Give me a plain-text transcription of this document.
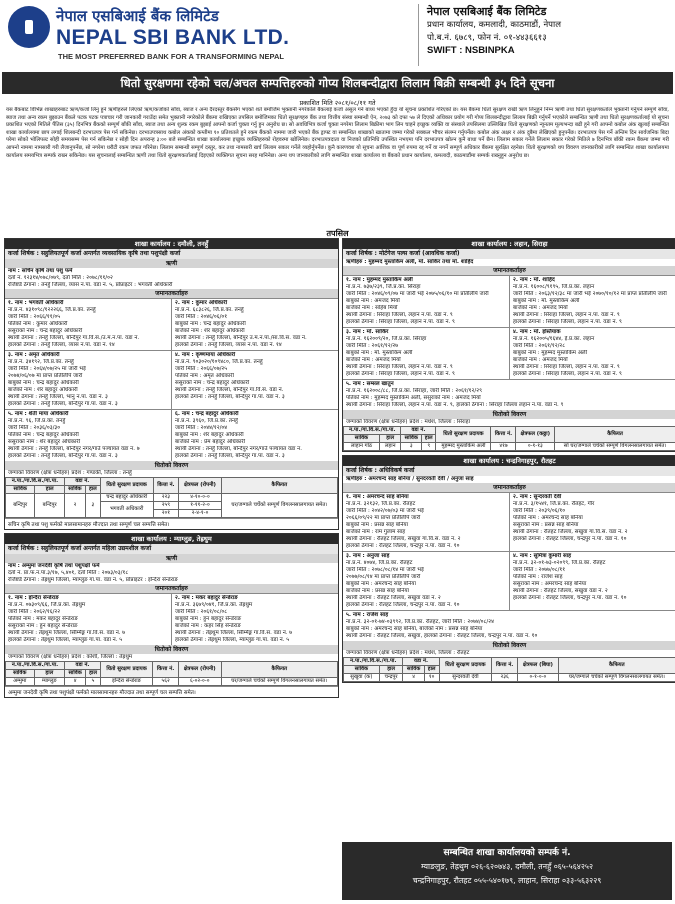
नेपाल एसबिआई बैंक लिमिटेड
NEPAL SBI BANK LTD.
THE MOST PREFERRED BANK FOR A TRANSFORMING NEPAL
नेपाल एसबिआई बैंक लिमिटेड
प्रधान कार्यालय, कमलादी, काठमाडौं, नेपाल
पो.ब.नं. ६७८९, फोन नं. ०१-४४३६६१३
SWIFT : NSBINPKA
धितो सुरक्षणमा रहेको चल/अचल सम्पत्तिहरुको गोप्य शिलबन्दीद्वारा लिलाम बिक्री सम्बन्धी ३५ दिने सूचना
प्रकाशित मिति २०८१/०८/११ गते
यस बैंकबाट विभिन्न शाखाहरुबाट ऋण/कर्जा लिनु हुने ऋणीहरुले लिएको ऋण/कर्जाको साँवा, ब्याज र अन्य दैरदस्तुर बैंकसँग भएको शर्त बमोजिम भुक्तानी नगरेकोले बैंकलाई कर्जा असुल गर्न बाध्य भएको हुँदा यो सूचना प्रकाशित गरिएको छ। यस बैंकमा धितो सुरक्षण राखी ऋण लिनुहुने निम्न ऋणी तथा धितो सुरक्षणकर्ताले भुक्तानी गर्नुपर्ने सम्पूर्ण साँवा, ब्याज तथा अन्य रकम बुझाउन बैंकले पटक पटक पत्राचार गरी जानकारी गराउँदा समेत भुक्तानी नगरेकोले बैंकमा राखिएका तपसिल बमोजिमका धितो सुरक्षणहरु बैंक तथा वित्तीय संस्था सम्बन्धी ऐन, २०७३ को दफा ५७ ले दिएको अधिकार प्रयोग गरी गोप्य शिलबन्दीद्वारा लिलाम बिक्री गर्नुपर्ने भएकोले सम्बन्धित ऋणी तथा धितो सुरक्षणकर्तालाई यो सूचना प्रकाशित भएको मितिले पैंतिस (३५) दिनभित्र बैंकको सम्पूर्ण बाँकी साँवा, ब्याज तथा अन्य शुल्क रकम बुझाई आफ्नो कर्जा चुक्ता गर्नु हुन अनुरोध छ। सो अवधिभित्र कर्जा चुक्ता नगरेमा लिलाम बिक्रीमा भाग लिन चाहने इच्छुक व्यक्ति वा संस्थाले तपसिलमा उल्लिखित धितो सुरक्षणको न्यूनतम मूल्यभन्दा बढी हुने गरी आफ्नो कबोल अंक खुलाई सम्बन्धित शाखा कार्यालयमा छाप लगाई शिलबन्दी दरभाउपत्र पेस गर्न सकिनेछ। दरभाउपत्रसाथ कबोल अंकको कम्तीमा १० प्रतिशतले हुने रकम बैंकको नाममा जारी भएको बैंक ड्राफ्ट वा सम्बन्धित शाखाको खातामा जम्मा गरेको सक्कल भौचर संलग्न गर्नुपर्नेछ। कबोल अंक अक्षर र अंक दुबैमा लेखिएको हुनुपर्नेछ। दरभाउपत्र पेस गर्ने अन्तिम दिन सार्वजनिक बिदा परेमा सोको भोलिपल्ट सोही समयसम्म पेस गर्न सकिनेछ र सोही दिन अपरान्ह ३:०० बजे सम्बन्धित शाखा कार्यालयमा इच्छुक व्यक्तिहरुको रोहवरमा खोलिनेछ। दरभाउपत्रदाता वा निजको प्रतिनिधि उपस्थित नभएमा पनि दरभाउपत्र खोल्न कुनै बाधा पर्ने छैन। लिलाम सकार गर्नेले लिलाम सकार गरेको मितिले ७ दिनभित्र बाँकी रकम बैंकमा जम्मा गरी आफ्नो नाममा नामसारी गरी लैजानुपर्नेछ, सो नगरेमा धरौटी रकम जफत गरिनेछ। लिलाम सम्बन्धी सम्पूर्ण दस्तुर, कर तथा नामसारी खर्च लिलाम सकार गर्नेले व्यहोर्नुपर्नेछ। कुनै कारणवश यो सूचना आंशिक वा पूर्ण रुपमा रद्द गर्ने वा नगर्ने सम्पूर्ण अधिकार बैंकमा सुरक्षित रहनेछ। धितो सुरक्षणको थप विवरण जानकारीको लागि सम्बन्धित शाखा कार्यालयमा कार्यालय समयभित्र सम्पर्क राख्न सकिनेछ। यस सूचनालाई सम्बन्धित ऋणी तथा धितो सुरक्षणकर्तालाई दिइएको व्यक्तिगत सूचना सरह मानिनेछ। अन्य थप जानकारीको लागि सम्बन्धित शाखा कार्यालय वा बैंकको प्रधान कार्यालय, कमलादी, काठमाडौंमा सम्पर्क राख्नुहुन अनुरोध छ।
तपसिल
शाखा कार्यालय : दमौली, तनहुँ
कर्जा शिर्षक : सहुलियतपूर्ण कर्जा अन्तर्गत व्यवसायिक कृषि तथा पशुपंक्षी कर्जा
ऋणी
नाम : सचिन कृषि तथा पशु फर्म
दर्ता नं. १२३१४/०७८/०७९, दर्ता मिति : २०७८/११/०२
रजिष्टर्ड ठेगाना : तनहुँ जिल्ला, व्यास न.पा. वडा नं. ५, प्रोप्राइटर : भगवती अधिकारी
जमानतकर्ताहरु
१. नाम : भगवती अधिकारी
ना.प्र.नं. ४३१०९८/१२२२६६, जि.प्र.का. तनहुँ
जारी मिति : २०६६/११/०५
पतिको नाम : कुमार अधिकारी
ससुराको नाम : चन्द्र बहादुर अधिकारी
स्थायी ठेगाना : तनहुँ जिल्ला, बन्दिपुर गा.वि.स./उ.म.न.पा. वडा नं.
हालको ठेगाना : तनहुँ जिल्ला, व्यास न.पा. वडा नं. १४
२. नाम : कुमार अधिकारी
ना.प्र.नं. ६८३८२६, जि.प्र.का. तनहुँ
जारी मिति : २०४६/०६/०१
बाबुको नाम : चन्द्र बहादुर अधिकारी
बाजेको नाम : शेर बहादुर अधिकारी
स्थायी ठेगाना : तनहुँ जिल्ला, बन्दिपुर उ.म.न.पा./सा.वि.स. वडा नं.
हालको ठेगाना : तनहुँ जिल्ला, व्यास न.पा. वडा नं. १४
३. नाम : अमृत अधिकारी
ना.प्र.नं. ३४१९२, जि.प्र.का. तनहुँ
जारी मिति : २०६४/०७/२५ मा जारी भई
२०७४/०६/०७ मा प्राप्त प्रतिलिपि जारी
बाबुको नाम : चन्द्र बहादुर अधिकारी
बाजेको नाम : शेर बहादुर अधिकारी
स्थायी ठेगाना : तनहुँ जिल्ला, भानु न.पा. वडा नं. ३
हालको ठेगाना : तनहुँ जिल्ला, बन्दिपुर गा.पा. वडा नं. ३
४. नाम : कृष्णमाया अधिकारी
ना.प्र.नं. ९०३०२०/१०९४८०, जि.प्र.का. तनहुँ
जारी मिति : २०६६/०७/२५
पतिको नाम : अमृत अधिकारी
ससुराको नाम : चन्द्र बहादुर अधिकारी
स्थायी ठेगाना : तनहुँ जिल्ला, बन्दिपुर गा.वि.स. वडा नं.
हालको ठेगाना : तनहुँ जिल्ला, बन्दिपुर गा.पा. वडा नं. ३
५. नाम : शेती माया अधिकारी
ना.प्र.नं. ९६, जि.प्र.का. तनहुँ
जारी मिति : २०३६/०३/३०
पतिको नाम : चन्द्र बहादुर अधिकारी
ससुराको नाम : शेर बहादुर अधिकारी
स्थायी ठेगाना : तनहुँ जिल्ला, बन्दिपुर नगर/गाउँ पञ्चायत वडा नं. ७
हालको ठेगाना : तनहुँ जिल्ला, बन्दिपुर गा.पा. वडा नं. ३
६. नाम : चन्द्र बहादुर अधिकारी
ना.प्र.नं. ३९६०, जि.प्र.का. तनहुँ
जारी मिति : २०४४/१२/०४
बाबुको नाम : शेर बहादुर अधिकारी
बाजेको नाम : प्रेम बहादुर अधिकारी
स्थायी ठेगाना : तनहुँ जिल्ला, बन्दिपुर नगर/गाउँ पञ्चायत वडा नं.
हालको ठेगाना : तनहुँ जिल्ला, बन्दिपुर गा.पा. वडा नं. ३
धितोको विवरण
जग्गाको विवरण (क्षेत्रा धनीहरु) प्रदेश : गण्डकी, जिल्ला : तनहुँ
न.पा./गा.वि.स./गा.पा.		वडा नं.		धितो सुरक्षण प्रदायक	कित्ता नं.	क्षेत्रफल (रोपनी)	कैफियत
साविक	हाल	साविक	हाल				
बन्दिपुर	बन्दिपुर	२	३	चन्द्र बहादुर अधिकारी	२२३	४-१०-०-०	घर/जग्गाले चर्चेको सम्पूर्ण विगलनसालगायत समेत।
				भगवती अधिकारी	२५९	१-११-२-०	
					२०१	२-४-१-०	
सचिन कृषि तथा पशु फर्मको मालसामानहरु मौज्दात तथा सम्पूर्ण चल सम्पत्ति समेत।
शाखा कार्यालय : म्याग्लुङ, तेह्रथुम
कर्जा शिर्षक : सहुलियतपूर्ण कर्जा अन्तर्गत महिला उद्यमशील कर्जा
ऋणी
नाम : अम्मुमा जनदेवी कृषि तथा पशुपंक्षी फर्म
दर्ता नं. प्रा.फ.न.पा.३/१७, ५,४०१, दर्ता मिति : २०७३/०३/१८
रजिष्टर्ड ठेगाना : तेह्रथुम जिल्ला, म्याग्लुङ गा.पा. वडा नं. ५, प्रोप्राइटर : इन्दिरा सेन्डेराङ
जमानतकर्ताहरु
१. नाम : इन्दिरा सेन्डेराङ
ना.प्र.नं. ०७३०९/६६, जि.प्र.का. तेह्रथुम
जारी मिति : २०६२/१६/२२
पतिको नाम : मकर बहादुर सेन्डेराङ
ससुराको नाम : हुन बहादुर सेन्डेराङ
स्थायी ठेगाना : तेह्रथुम जिल्ला, सिम्मिङ्ग गा.वि.स. वडा नं. ७
हालको ठेगाना : तेह्रथुम जिल्ला, म्याग्लुङ गा.पा. वडा नं. ५
२. नाम : मकर बहादुर सेन्डेराङ
ना.प्र.नं. ३६७९/०४१, जि.प्र.का. तेह्रथुम
जारी मिति : २०६१/०८/०८
बाबुको नाम : हुन बहादुर सेन्डेराङ
बाजेको नाम : कहर सिंह सेन्डेराङ
स्थायी ठेगाना : तेह्रथुम जिल्ला, सिम्मिङ्ग गा.वि.स. वडा नं. ७
हालको ठेगाना : तेह्रथुम जिल्ला, म्याग्लुङ गा.पा. वडा नं. ५
धितोको विवरण
जग्गाको विवरण (क्षेत्रा धनीहरु) प्रदेश : कोशी, जिल्ला : तेह्रथुम
न.पा./गा.वि.स./गा.पा.		वडा नं.		धितो सुरक्षण प्रदायक	कित्ता नं.	क्षेत्रफल (रोपनी)	कैफियत
साविक	हाल	साविक	हाल				
अम्मुमा	म्याग्लुङ	४	५	इन्दिरा सेन्डेराङ	५६२	६-०२-०-०	घर/जग्गाले चर्चेको सम्पूर्ण विगलनसालगायत समेत।
अम्मुमा जनदेवी कृषि तथा पशुपंक्षी फर्मको मालसामानहरु मौज्दात तथा सम्पूर्ण चल सम्पत्ति समेत।
शाखा कार्यालय : लहान, सिराहा
कर्जा शिर्षक : मोर्टगेज पल्स कर्जा (आवधिक कर्जा)
ऋणीहरु : मुहम्मद मुस्ताकिम अली, मो. साकिर तथा मो. शाहिद
जमानतकर्ताहरु
१. नाम : मुहम्मद मुस्ताकिम अली
ना.प्र.नं. ७३७/२३९, जि.प्र.का. सिराहा
जारी मिति : २०४६/०९/०७ मा जारी भई २०७५/०६/१० मा प्रतिलिपि जारी
बाबुको नाम : अमजद मियाँ
बाजेको नाम : सोहेब मियाँ
स्थायी ठेगाना : सिराहा जिल्ला, लहान न.पा. वडा नं. ९
हालको ठेगाना : सिराहा जिल्ला, लहान न.पा. वडा नं. ९
२. नाम : मो. शाहिद
ना.प्र.नं. १६००८/९१९५, जि.प्र.का. लहान
जारी मिति : २०६३/१२/३८ मा जारी भई २०७०/१०/१२ मा प्राप्त प्रतिलिपि जारी
बाबुको नाम : मो. मुस्ताकिम अली
बाजेको नाम : अमजद मियाँ
स्थायी ठेगाना : सिराहा जिल्ला, लहान न.पा. वडा नं. ९
हालको ठेगाना : सिराहा जिल्ला, लहान न.पा. वडा नं. ९
३. नाम : मो. साकिर
ना.प्र.नं. १६२००९/२०, जि.प्र.का. सिराहा
जारी मिति : २०६१/१२/२७
बाबुको नाम : मो. मुस्ताकिम अली
बाजेको नाम : अमजद मियाँ
स्थायी ठेगाना : सिराहा जिल्ला, लहान न.पा. वडा नं. ९
हालको ठेगाना : सिराहा जिल्ला, लहान न.पा. वडा नं. ९
४. नाम : मो. इस्तियाक
ना.प्र.नं. १६२००५/१६४४, ई.प्र.का. लहान
जारी मिति : २०६१/१२/२८
बाबुको नाम : मुहम्मद मुस्ताकिम अली
बाजेको नाम : अमजद मियाँ
स्थायी ठेगाना : सिराहा जिल्ला, लहान न.पा. वडा नं. ९
हालको ठेगाना : सिराहा जिल्ला, लहान न.पा. वडा नं. ९
५. नाम : सम्सल खातुन
ना.प्र.नं. १६२००८/८८, जि.प्र.का. सिराहा, जारी मिति : २०६१/१२/२९
पतिको नाम : मुहम्मद मुस्ताकिम अली, ससुराको नाम : अमजद मियाँ
स्थायी ठेगाना : सिराहा जिल्ला, लहान न.पा. वडा नं. ९, हालको ठेगाना : सिराहा जिल्ला लहान न.पा. वडा नं. ९
धितोको विवरण
जग्गाको विवरण (क्षेत्रा धनीहरु) प्रदेश : मधेश, जिल्ला : सिराहा
न.पा./गा.वि.स./गा.पा.		वडा नं.		धितो सुरक्षण प्रदायक	कित्ता नं.	क्षेत्रफल (कठ्ठा)	कैफियत
साविक	हाल	साविक	हाल				
लाहान गोठ	लहान	३	९	मुहम्मद मुस्ताकिम अली	४१७	०-१-१३	सो घर/जग्गाले चर्चेको सम्पूर्ण विगलनसालगायत समेत।
शाखा कार्यालय : चन्द्रनिगाहपुर, रौतहट
कर्जा शिर्षक : अधिविकर्ष कर्जा
ऋणीहरु : अमरचन्द साह बनिया / सुनदरवती देवी / अनुजा साह
जमानतकर्ताहरु
१. नाम : अमरचन्द साह बनिया
ना.प्र.नं. ३२१३२, जि.प्र.का. रौतहट
जारी मिति : २०४२/०७/०३ मा जारी भई
२०६६/०९/२२ मा प्राप्त प्रतिलिपि जारी
बाबुको नाम : प्रसन्न साह बनिया
बाजेको नाम : राम गुलाम साह
स्थायी ठेगाना : रौतहट जिल्ला, सखुवा गा.वि.स. वडा नं. २
हालको ठेगाना : रौतहट जिल्ला, चन्द्रपुर न.पा. वडा नं. १०
२. नाम : सुन्दरवती देवी
ना.प्र.नं. ३/१५४१, जि.प्र.का. रौतहट, गौर
जारी मिति : २०३९/०६/१०
पतिको नाम : अमरचन्द साह बनिया
ससुराको नाम : प्रसन्न साह बनिया
स्थायी ठेगाना : रौतहट जिल्ला, सखुवा गा.वि.स. वडा नं. २
हालको ठेगाना : रौतहट जिल्ला, चन्द्रपुर न.पा. वडा नं. १०
३. नाम : अनुजा साह
ना.प्र.नं. ४०७४, जि.प्र.का. रौतहट
जारी मिति : २०७८/०८/१४ मा जारी भई
२०७७/०८/१४ मा प्राप्त प्रतिलिपि जारी
बाबुको नाम : अमरचन्द साह बनिया
बाजेको नाम : प्रसन्न साह बनिया
स्थायी ठेगाना : रौतहट जिल्ला, सखुवा वडा नं. २
हालको ठेगाना : रौतहट जिल्ला, चन्द्रपुर न.पा. वडा नं. १०
४. नाम : सुमित्रा कुमारी साह
ना.प्र.नं. ३२-०१-७३-०२०९९, जि.प्र.का. रौतहट
जारी मिति : २०७७/०८/११
पतिको नाम : राजेश साह
ससुराको नाम : अमरचन्द साह बनिया
स्थायी ठेगाना : रौतहट जिल्ला, सखुवा वडा नं. २
हालको ठेगाना : रौतहट जिल्ला, चन्द्रपुर न.पा. वडा नं. १०
५. नाम : राजेश साह
ना.प्र.नं. ३२-०१-७४-०३९९२, जि.प्र.का. रौतहट, जारी मिति : २०७४/०८/२४
बाबुको नाम : अमरचन्द साह बनिया, बाजेको नाम : प्रसन्न साह बनिया
स्थायी ठेगाना : रौतहट जिल्ला, सखुवा, हालको ठेगाना : रौतहट जिल्ला, चन्द्रपुर न.पा. वडा नं. १०
धितोको विवरण
जग्गाको विवरण (क्षेत्रा धनीहरु) प्रदेश : मधेश, जिल्ला : रौतहट
न.पा./गा.वि.स./गा.पा.		वडा नं.		धितो सुरक्षण प्रदायक	कित्ता नं.	क्षेत्रफल (बिघा)	कैफियत
साविक	हाल	साविक	हाल				
सुखुवा (क)	चन्द्रपुर	४	१०	सुन्दरवती देवी	२३६	०-१-०-०	घर/जग्गाले चर्चेको सम्पूर्ण विगलनसालगायत समेत।
सम्बन्धित शाखा कार्यालयको सम्पर्क नं.
म्याङलुङ, तेह्रथुम ०२६-६२०७४३, दमौली, तनहुँ ०६५-५६४२५२
चन्द्रनिगाहपुर, रौतहट ०५५-५४०१७९, लाहान, सिराहा ०३३-५६३२२९
